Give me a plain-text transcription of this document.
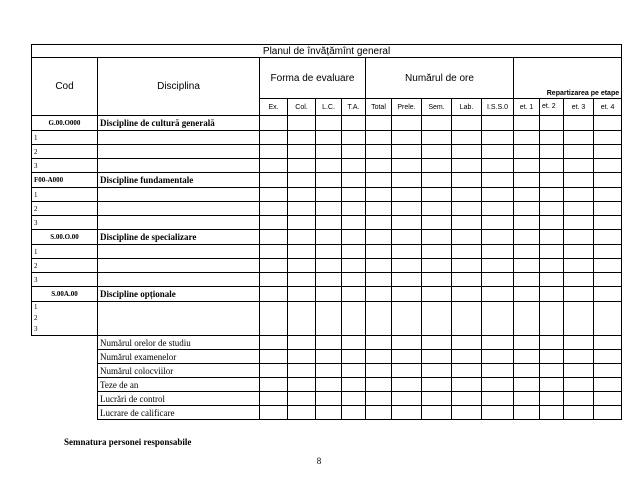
Planul de învățămînt general														
Cod	Disciplina	Forma de evaluare				Numărul de ore								
											Repartizarea pe etape			
		Ex.	Col.	L.C.	T.A.	Total	Prele.	Sem.	Lab.	I.S.S.0	et. 1	et. 2	et. 3	et. 4
G.00.O000	Discipline de cultură generală													
1														
2														
3														
F00-A000	Discipline fundamentale													
1														
2														
3														
S.00.O.00	Discipline de specializare													
1														
2														
3														
S.00A.00	Discipline opționale													

1
2
3														

	Numărul orelor de studiu													
	Numărul examenelor													
	Numărul colocviilor													
	Teze de an													
	Lucrări de control													
	Lucrare de calificare													
Semnatura personei responsabile
8
